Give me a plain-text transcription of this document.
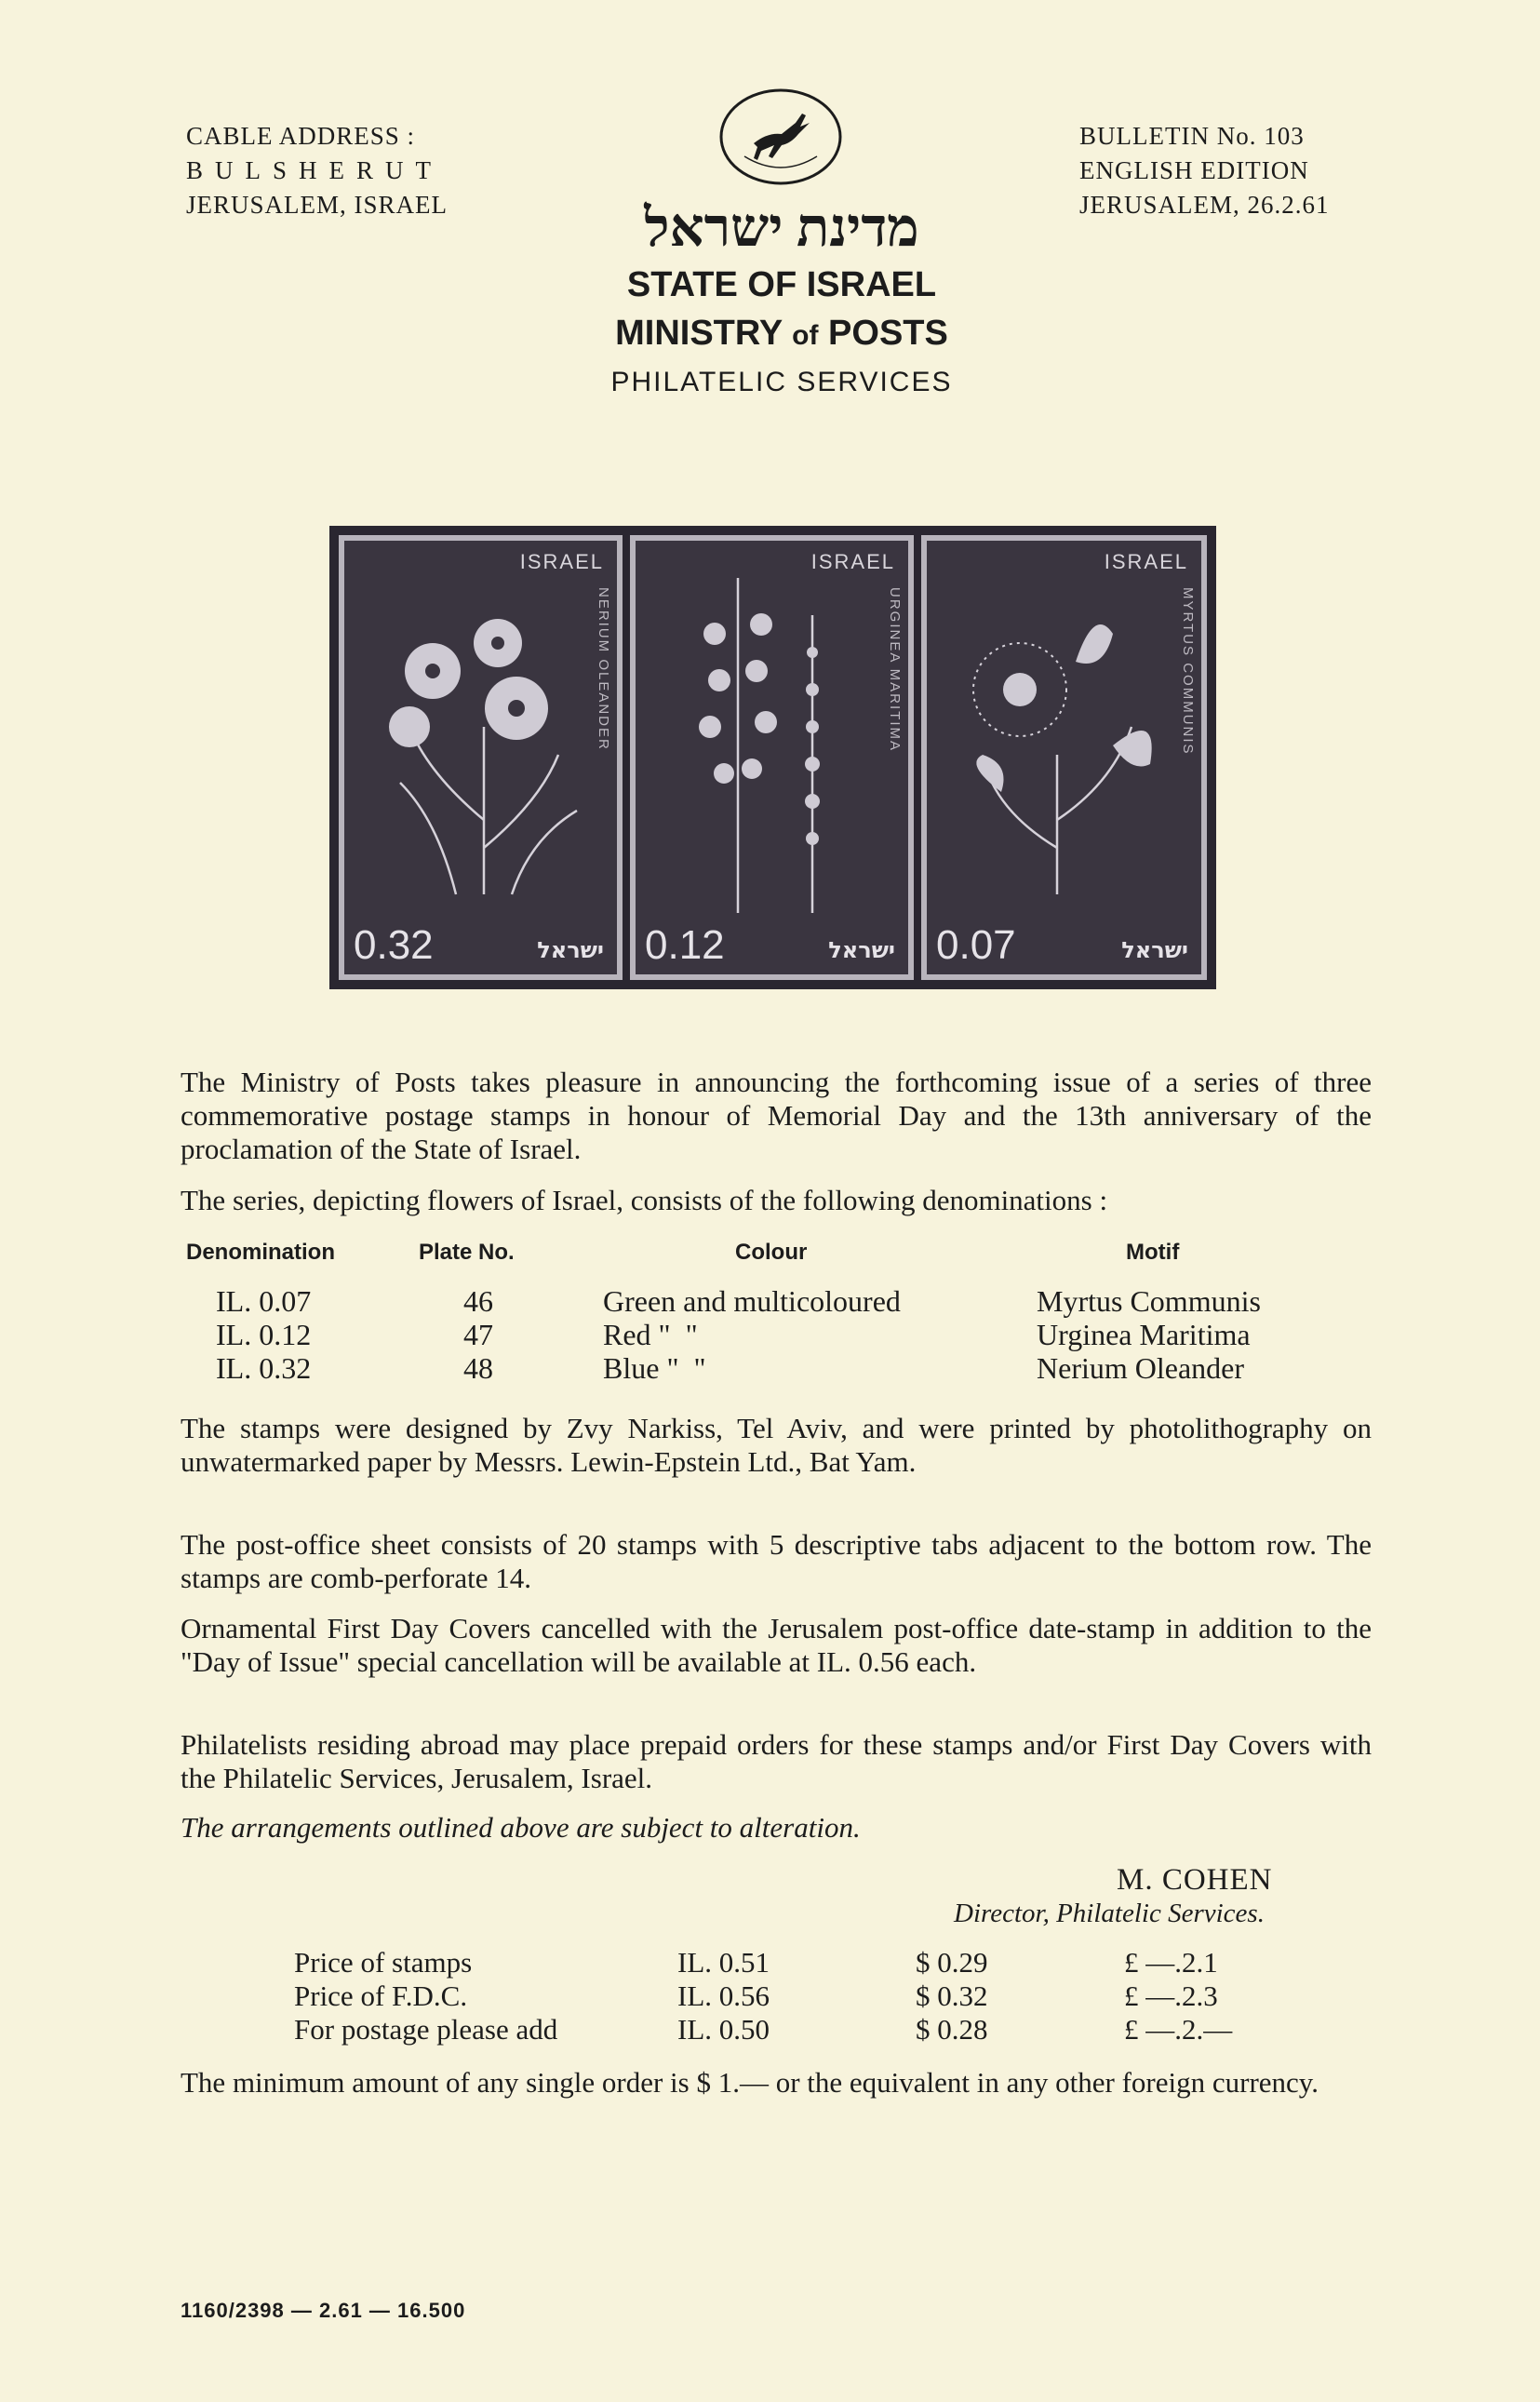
CABLE ADDRESS :
BULSHERUT
JERUSALEM, ISRAEL
BULLETIN No. 103
ENGLISH EDITION
JERUSALEM, 26.2.61
מדינת ישראל
STATE OF ISRAEL
MINISTRY of POSTS
PHILATELIC SERVICES
ISRAEL
NERIUM OLEANDER
0.32	ישראל
ISRAEL
URGINEA MARITIMA
0.12	ישראל
ISRAEL
MYRTUS COMMUNIS
0.07	ישראל
The Ministry of Posts takes pleasure in announcing the forthcoming issue of a series of three commemorative postage stamps in honour of Memorial Day and the 13th anniversary of the proclamation of the State of Israel.
The series, depicting flowers of Israel, consists of the following denominations :
Denomination	Plate No.	Colour	Motif
IL. 0.07	46	Green and multicoloured	Myrtus Communis
IL. 0.12	47	Red "  "	Urginea Maritima
IL. 0.32	48	Blue "  "	Nerium Oleander
The stamps were designed by Zvy Narkiss, Tel Aviv, and were printed by photolithography on unwatermarked paper by Messrs. Lewin-Epstein Ltd., Bat Yam.
The post-office sheet consists of 20 stamps with 5 descriptive tabs adjacent to the bottom row. The stamps are comb-perforate 14.
Ornamental First Day Covers cancelled with the Jerusalem post-office date-stamp in addition to the "Day of Issue" special cancellation will be available at IL. 0.56 each.
Philatelists residing abroad may place prepaid orders for these stamps and/or First Day Covers with the Philatelic Services, Jerusalem, Israel.
The arrangements outlined above are subject to alteration.
M. COHEN
Director, Philatelic Services.
Price of stamps	IL. 0.51	$ 0.29	£ —.2.1
Price of F.D.C.	IL. 0.56	$ 0.32	£ —.2.3
For postage please add	IL. 0.50	$ 0.28	£ —.2.—
The minimum amount of any single order is $ 1.— or the equivalent in any other foreign currency.
1160/2398 — 2.61 — 16.500
